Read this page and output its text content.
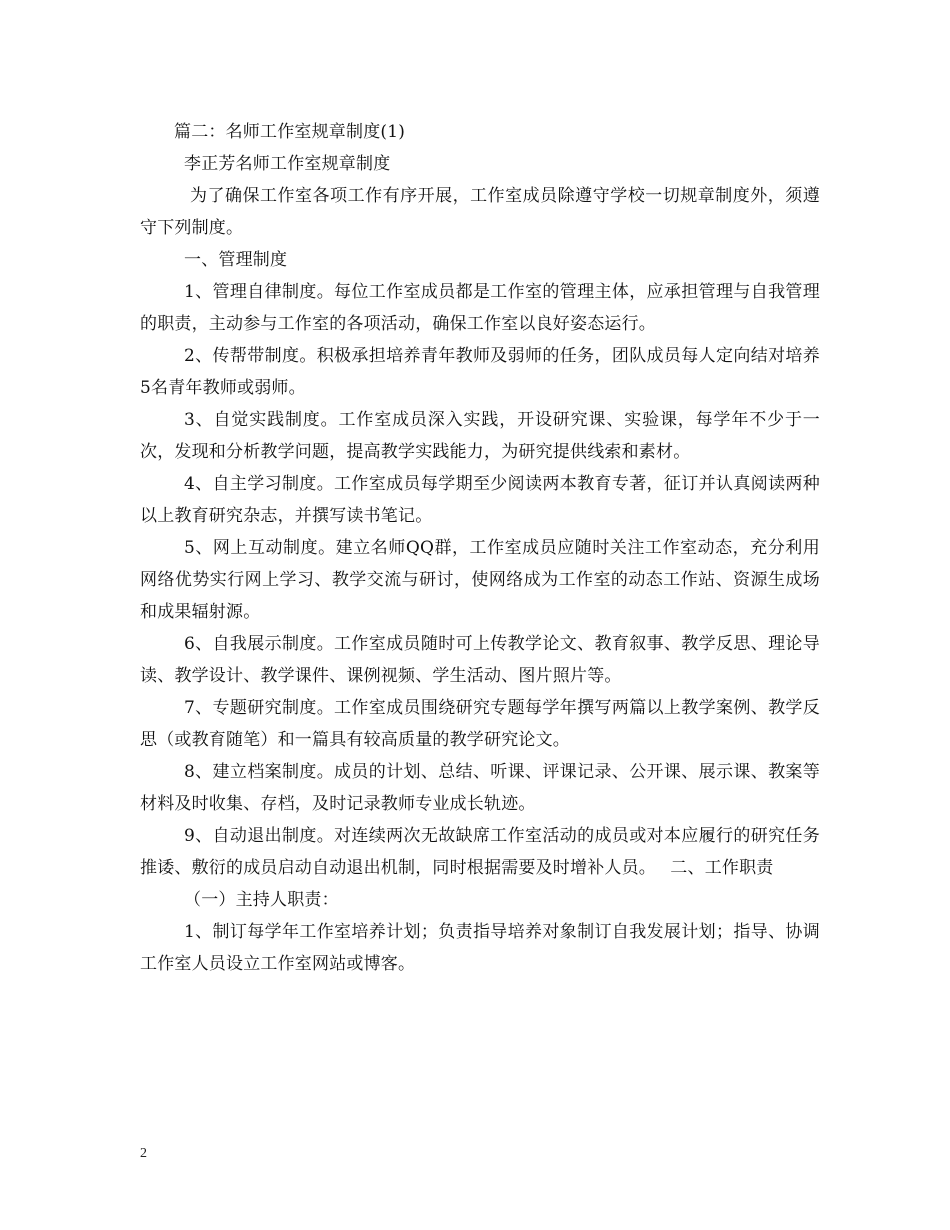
篇二：名师工作室规章制度(1)

李正芳名师工作室规章制度

为了确保工作室各项工作有序开展，工作室成员除遵守学校一切规章制度外，须遵守下列制度。

一、管理制度

1、管理自律制度。每位工作室成员都是工作室的管理主体，应承担管理与自我管理的职责，主动参与工作室的各项活动，确保工作室以良好姿态运行。

2、传帮带制度。积极承担培养青年教师及弱师的任务，团队成员每人定向结对培养5名青年教师或弱师。

3、自觉实践制度。工作室成员深入实践，开设研究课、实验课，每学年不少于一次，发现和分析教学问题，提高教学实践能力，为研究提供线索和素材。

4、自主学习制度。工作室成员每学期至少阅读两本教育专著，征订并认真阅读两种以上教育研究杂志，并撰写读书笔记。

5、网上互动制度。建立名师QQ群，工作室成员应随时关注工作室动态，充分利用网络优势实行网上学习、教学交流与研讨，使网络成为工作室的动态工作站、资源生成场和成果辐射源。

6、自我展示制度。工作室成员随时可上传教学论文、教育叙事、教学反思、理论导读、教学设计、教学课件、课例视频、学生活动、图片照片等。

7、专题研究制度。工作室成员围绕研究专题每学年撰写两篇以上教学案例、教学反思（或教育随笔）和一篇具有较高质量的教学研究论文。

8、建立档案制度。成员的计划、总结、听课、评课记录、公开课、展示课、教案等材料及时收集、存档，及时记录教师专业成长轨迹。

9、自动退出制度。对连续两次无故缺席工作室活动的成员或对本应履行的研究任务推诿、敷衍的成员启动自动退出机制，同时根据需要及时增补人员。　 二、工作职责

（一）主持人职责：

1、制订每学年工作室培养计划；负责指导培养对象制订自我发展计划；指导、协调工作室人员设立工作室网站或博客。

2
